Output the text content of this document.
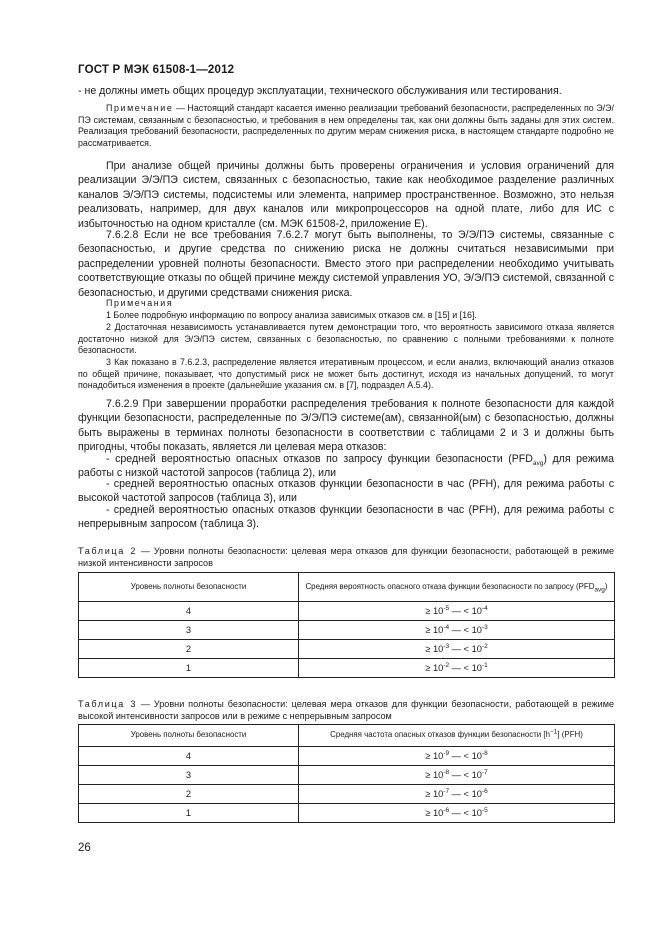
ГОСТ Р МЭК 61508-1—2012

- не должны иметь общих процедур эксплуатации, технического обслуживания или тестирования.

Примечание — Настоящий стандарт касается именно реализации требований безопасности, распределенных по Э/Э/ПЭ системам, связанным с безопасностью, и требования в нем определены так, как они должны быть заданы для этих систем. Реализация требований безопасности, распределенных по другим мерам снижения риска, в настоящем стандарте подробно не рассматривается.

При анализе общей причины должны быть проверены ограничения и условия ограничений для реализации Э/Э/ПЭ систем, связанных с безопасностью, такие как необходимое разделение различных каналов Э/Э/ПЭ системы, подсистемы или элемента, например пространственное. Возможно, это нельзя реализовать, например, для двух каналов или микропроцессоров на одной плате, либо для ИС с избыточностью на одном кристалле (см. МЭК 61508-2, приложение E).

7.6.2.8 Если не все требования 7.6.2.7 могут быть выполнены, то Э/Э/ПЭ системы, связанные с безопасностью, и другие средства по снижению риска не должны считаться независимыми при распределении уровней полноты безопасности. Вместо этого при распределении необходимо учитывать соответствующие отказы по общей причине между системой управления УО, Э/Э/ПЭ системой, связанной с безопасностью, и другими средствами снижения риска.

Примечания

1 Более подробную информацию по вопросу анализа зависимых отказов см. в [15] и [16].

2 Достаточная независимость устанавливается путем демонстрации того, что вероятность зависимого отказа является достаточно низкой для Э/Э/ПЭ систем, связанных с безопасностью, по сравнению с полными требованиями к полноте безопасности.

3 Как показано в 7.6.2.3, распределение является итеративным процессом, и если анализ, включающий анализ отказов по общей причине, показывает, что допустимый риск не может быть достигнут, исходя из начальных допущений, то могут понадобиться изменения в проекте (дальнейшие указания см. в [7], подраздел А.5.4).

7.6.2.9 При завершении проработки распределения требования к полноте безопасности для каждой функции безопасности, распределенные по Э/Э/ПЭ системе(ам), связанной(ым) с безопасностью, должны быть выражены в терминах полноты безопасности в соответствии с таблицами 2 и 3 и должны быть пригодны, чтобы показать, является ли целевая мера отказов:

- средней вероятностью опасных отказов по запросу функции безопасности $(PFD_{avg})$ для режима работы с низкой частотой запросов (таблица 2), или

- средней вероятностью опасных отказов функции безопасности в час (PFH), для режима работы с высокой частотой запросов (таблица 3), или

- средней вероятностью опасных отказов функции безопасности в час (PFH), для режима работы с непрерывным запросом (таблица 3).

Таблица 2 — Уровни полноты безопасности: целевая мера отказов для функции безопасности, работающей в режиме низкой интенсивности запросов

Уровень полноты безопасности	Средняя вероятность опасного отказа функции безопасности по запросу $(PFD_{avg})$
4	≥ $10^{-5}$ — < $10^{-4}$
3	≥ $10^{-4}$ — < $10^{-3}$
2	≥ $10^{-3}$ — < $10^{-2}$
1	≥ $10^{-2}$ — < $10^{-1}$

Таблица 3 — Уровни полноты безопасности: целевая мера отказов для функции безопасности, работающей в режиме высокой интенсивности запросов или в режиме с непрерывным запросом

Уровень полноты безопасности	Средняя частота опасных отказов функции безопасности $[h^{-1}]$ (PFH)
4	≥ $10^{-9}$ — < $10^{-8}$
3	≥ $10^{-8}$ — < $10^{-7}$
2	≥ $10^{-7}$ — < $10^{-6}$
1	≥ $10^{-6}$ — < $10^{-5}$
26
